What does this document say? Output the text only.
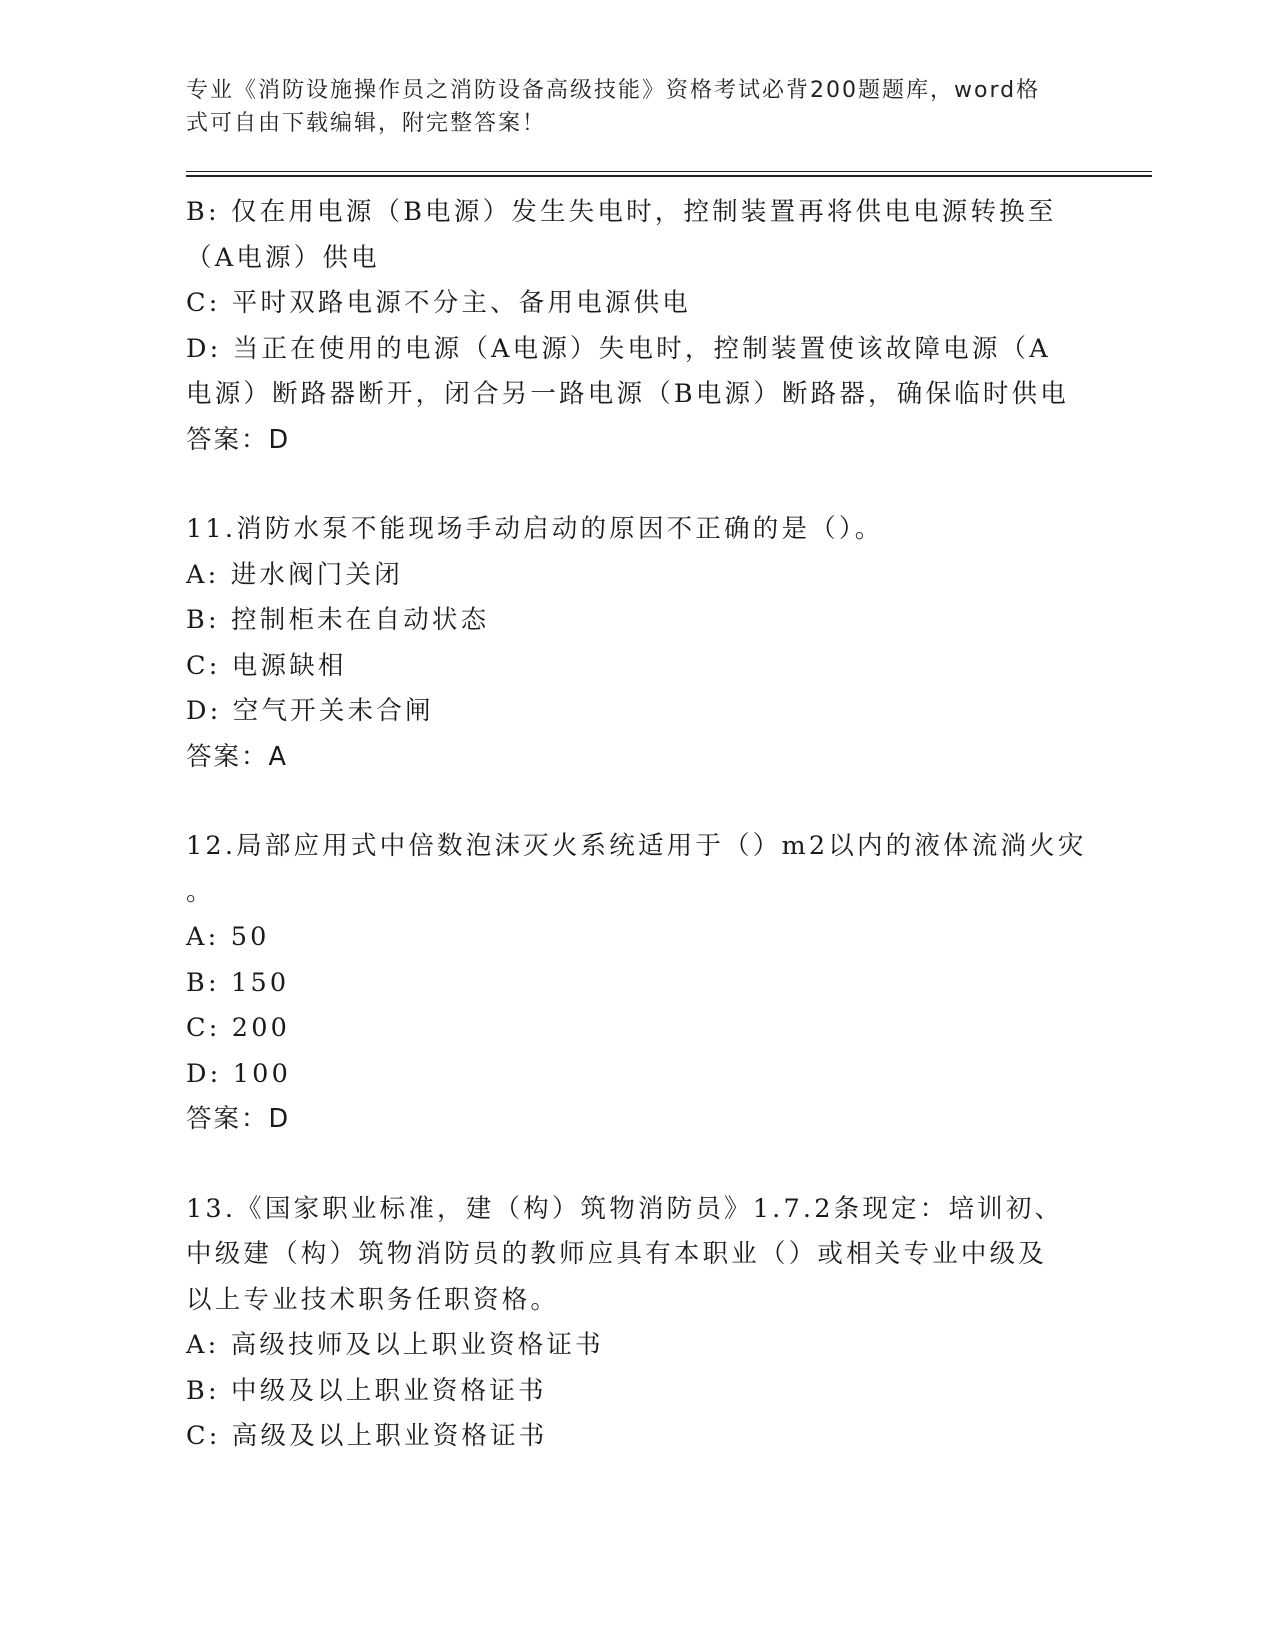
专业《消防设施操作员之消防设备高级技能》资格考试必背200题题库，word格
式可自由下载编辑，附完整答案！
B: 仅在用电源（B电源）发生失电时，控制装置再将供电电源转换至
（A电源）供电
C: 平时双路电源不分主、备用电源供电
D: 当正在使用的电源（A电源）失电时，控制装置使该故障电源（A
电源）断路器断开，闭合另一路电源（B电源）断路器，确保临时供电
答案：D
11.消防水泵不能现场手动启动的原因不正确的是（）。
A: 进水阀门关闭
B: 控制柜未在自动状态
C: 电源缺相
D: 空气开关未合闸
答案：A
12.局部应用式中倍数泡沫灭火系统适用于（）m2以内的液体流淌火灾
。
A: 50
B: 150
C: 200
D: 100
答案：D
13.《国家职业标准，建（构）筑物消防员》1.7.2条现定：培训初、
中级建（构）筑物消防员的教师应具有本职业（）或相关专业中级及
以上专业技术职务任职资格。
A: 高级技师及以上职业资格证书
B: 中级及以上职业资格证书
C: 高级及以上职业资格证书
